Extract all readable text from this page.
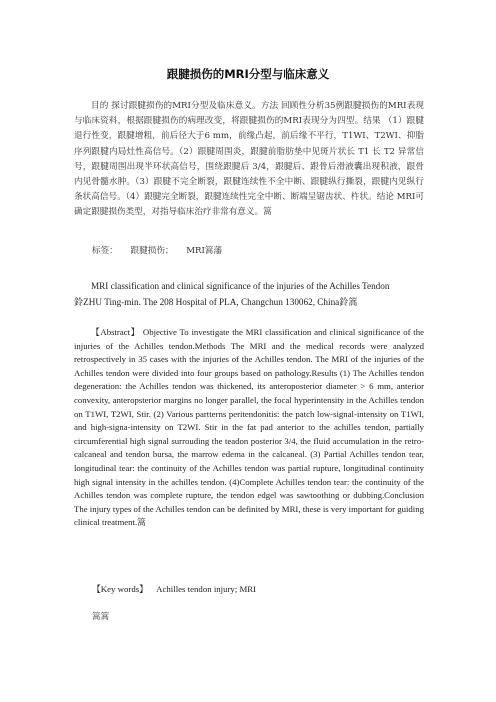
跟腱损伤的MRI分型与临床意义

目的 探讨跟腱损伤的MRI分型及临床意义。方法 回顾性分析35例跟腱损伤的MRI表现与临床资料，根据跟腱损伤的病理改变，将跟腱损伤的MRI表现分为四型。结果 （1）跟腱退行性变，跟腱增粗，前后径大于6 mm，前缘凸起，前后缘不平行，T1WI、T2WI、抑脂序列跟腱内局灶性高信号。（2）跟腱周围炎，跟腱前脂肪垫中见斑片状长 T1 长 T2 异常信号，跟腱周围出现半环状高信号，围绕跟腱后 3/4，跟腱后、跟骨后滑液囊出现积液，跟骨内见骨髓水肿。（3）跟腱不完全断裂，跟腱连续性不全中断、跟腱纵行撕裂，跟腱内见纵行条状高信号。（4）跟腱完全断裂，跟腱连续性完全中断、断端呈锯齿状、杵状。结论 MRI可确定跟腱损伤类型，对指导临床治疗非常有意义。篙

标签： 跟腱损伤； MRI篙藩

MRI classification and clinical significance of the injuries of the Achilles Tendon

鈴ZHU Ting-min. The 208 Hospital of PLA, Changchun 130062, China鈴篙

【Abstract】 Objective To investigate the MRI classification and clinical significance of the injuries of the Achilles tendon.Methods The MRI and the medical records were analyzed retrospectively in 35 cases with the injuries of the Achilles tendon. The MRI of the injuries of the Achilles tendon were divided into four groups based on pathology.Results (1) The Achilles tendon degeneration: the Achilles tendon was thickened, its anteroposterior diameter > 6 mm, anterior convexity, anteropsterior margins no longer parallel, the focal hyperintensity in the Achilles tendon on T1WI, T2WI, Stir. (2) Various partterns peritendonitis: the patch low-signal-intensity on T1WI, and high-signa-intensity on T2WI. Stir in the fat pad anterior to the achilles tendon, partially circumferential high signal surrouding the teadon posterior 3/4, the fluid accumulation in the retro-calcaneal and tendon bursa, the marrow edema in the calcaneal. (3) Partial Achilles tendon tear, longitudinal tear: the continuity of the Achilles tendon was partial rupture, longitudinal continuity high signal intensity in the achilles tendon. (4)Complete Achilles tendon tear: the continuity of the Achilles tendon was complete rupture, the tendon edgel was sawtoothing or dubbing.Conclusion The injury types of the Achilles tendon can be definited by MRI, these is very important for guiding clinical treatment.篙

【Key words】 Achilles tendon injury; MRI
篙篙
